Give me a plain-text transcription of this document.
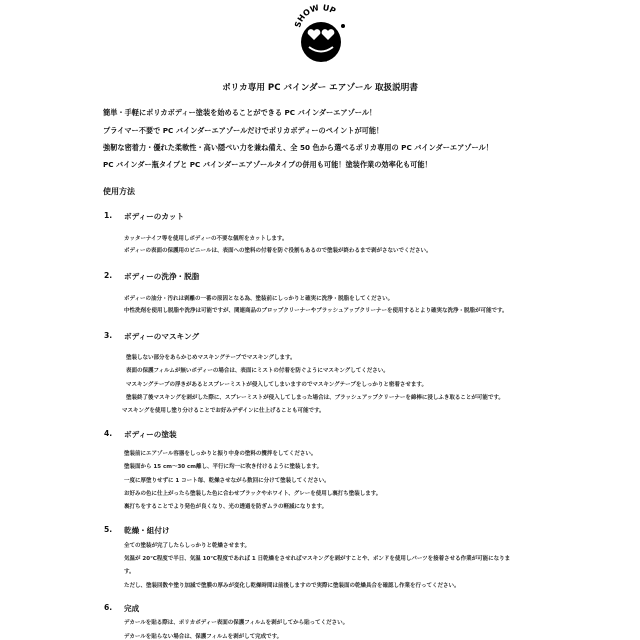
SHOW UP
ポリカ専用 PC バインダー エアゾール 取扱説明書
簡単・手軽にポリカボディー塗装を始めることができる PC バインダーエアゾール！
プライマー不要で PC バインダーエアゾールだけでポリカボディーのペイントが可能！
強靭な密着力・優れた柔軟性・高い隠ぺい力を兼ね備え、全 50 色から選べるポリカ専用の PC バインダーエアゾール！
PC バインダー瓶タイプと PC バインダーエアゾールタイプの併用も可能！塗装作業の効率化も可能！
使用方法
1. ボディーのカット
カッターナイフ等を使用しボディーの不要な個所をカットします。
ボディーの表面の保護用のビニールは、表面への塗料の付着を防ぐ役割もあるので塗装が終わるまで剥がさないでください。
2. ボディーの洗浄・脱脂
ボディーの油分・汚れは剥離の一番の原因となる為、塗装前にしっかりと確実に洗浄・脱脂をしてください。
中性洗剤を使用し脱脂や洗浄は可能ですが、関連商品のブロップクリーナーやブラッシュアップクリーナーを使用するとより確実な洗浄・脱脂が可能です。
3. ボディーのマスキング
塗装しない部分をあらかじめマスキングテープでマスキングします。
表面の保護フィルムが無いボディーの場合は、表面にミストの付着を防ぐようにマスキングしてください。
マスキングテープの浮きがあるとスプレーミストが侵入してしまいますのでマスキングテープをしっかりと密着させます。
塗装終了後マスキングを剥がした際に、スプレーミストが侵入してしまった場合は、ブラッシュアップクリーナーを綿棒に浸しふき取ることが可能です。
マスキングを使用し塗り分けることでお好みデザインに仕上げることも可能です。
4. ボディーの塗装
塗装前にエアゾール容器をしっかりと振り中身の塗料の攪拌をしてください。
塗装面から 15 cm〜30 cm離し、平行に均一に吹き付けるように塗装します。
一度に厚塗りせずに 1 コート毎、乾燥させながら数回に分けて塗装してください。
お好みの色に仕上がったら塗装した色に合わせブラックやホワイト、グレーを使用し裏打ち塗装します。
裏打ちをすることでより発色が良くなり、光の透過を防ぎムラの軽減になります。
5. 乾燥・組付け
全ての塗装が完了したらしっかりと乾燥させます。
気温が 20℃程度で半日、気温 10℃程度であれば 1 日乾燥をさせればマスキングを剥がすことや、ボンドを使用しパーツを接着させる作業が可能になりま
す。
ただし、塗装回数や塗り加減で塗膜の厚みが変化し乾燥時間は前後しますので実際に塗装面の乾燥具合を確認し作業を行ってください。
6. 完成
デカールを貼る際は、ポリカボディー表面の保護フィルムを剥がしてから貼ってください。
デカールを貼らない場合は、保護フィルムを剥がして完成です。
